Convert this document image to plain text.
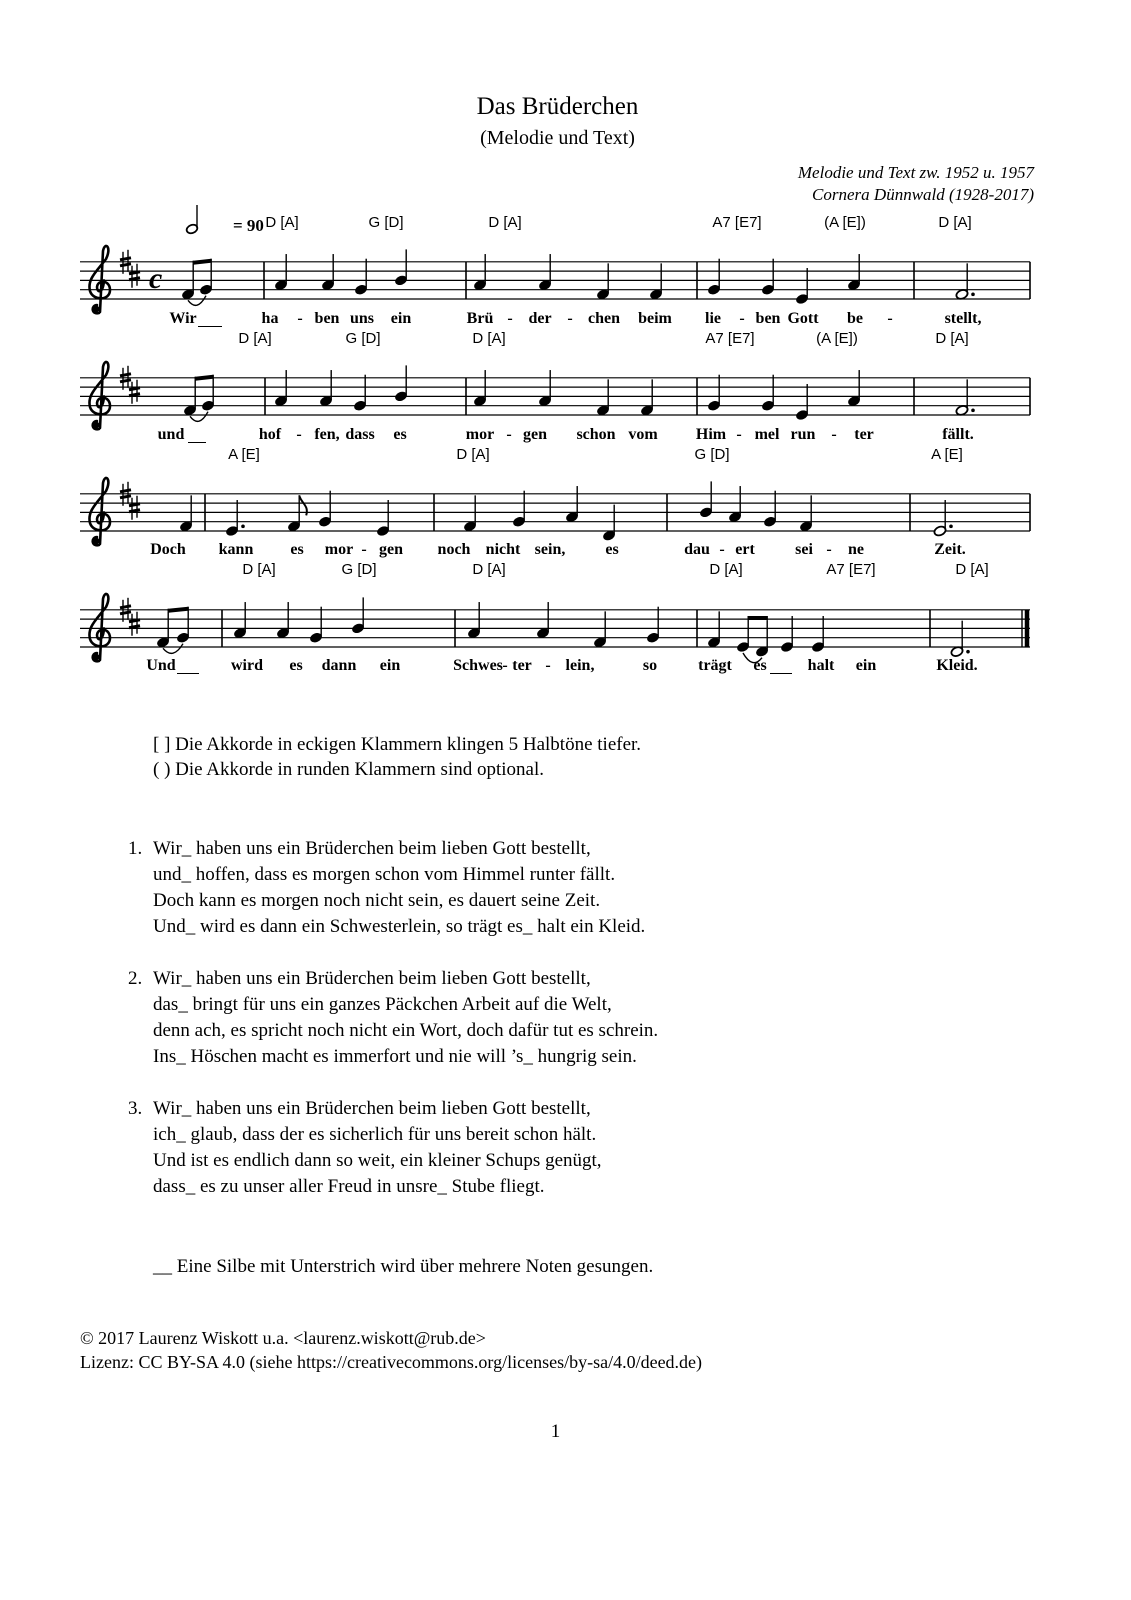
Das Brüderchen
(Melodie und Text)
Melodie und Text zw. 1952 u. 1957
Cornera Dünnwald (1928-2017)
c
= 90 D [A]	G [D]	D [A]	A7 [E7]	(A [E])	D [A]
Wir	ha - ben uns ein	Brü - der - chen beim lie - ben Gott be -	stellt,
D [A]	G [D]	D [A]	A7 [E7]	(A [E])	D [A]
und	hof - fen, dass es	mor - gen schon vom Him - mel run - ter	fällt.
A [E]	D [A]	G [D]	A [E]
Doch kann es mor - gen noch nicht sein,	es	dau - ert	sei - ne	Zeit.
D [A]	G [D]	D [A]	D [A]	A7 [E7]	D [A]
Und	wird es dann ein	Schwes - ter - lein,	so	trägt es	halt ein	Kleid.
[ ] Die Akkorde in eckigen Klammern klingen 5 Halbtöne tiefer.
( ) Die Akkorde in runden Klammern sind optional.
1. Wir_ haben uns ein Brüderchen beim lieben Gott bestellt,
und_ hoffen, dass es morgen schon vom Himmel runter fällt.
Doch kann es morgen noch nicht sein, es dauert seine Zeit.
Und_ wird es dann ein Schwesterlein, so trägt es_ halt ein Kleid.
2. Wir_ haben uns ein Brüderchen beim lieben Gott bestellt,
das_ bringt für uns ein ganzes Päckchen Arbeit auf die Welt,
denn ach, es spricht noch nicht ein Wort, doch dafür tut es schrein.
Ins_ Höschen macht es immerfort und nie will ’s_ hungrig sein.
3. Wir_ haben uns ein Brüderchen beim lieben Gott bestellt,
ich_ glaub, dass der es sicherlich für uns bereit schon hält.
Und ist es endlich dann so weit, ein kleiner Schups genügt,
dass_ es zu unser aller Freud in unsre_ Stube fliegt.
__ Eine Silbe mit Unterstrich wird über mehrere Noten gesungen.
© 2017 Laurenz Wiskott u.a. <laurenz.wiskott@rub.de>
Lizenz: CC BY-SA 4.0 (siehe https://creativecommons.org/licenses/by-sa/4.0/deed.de)
1
